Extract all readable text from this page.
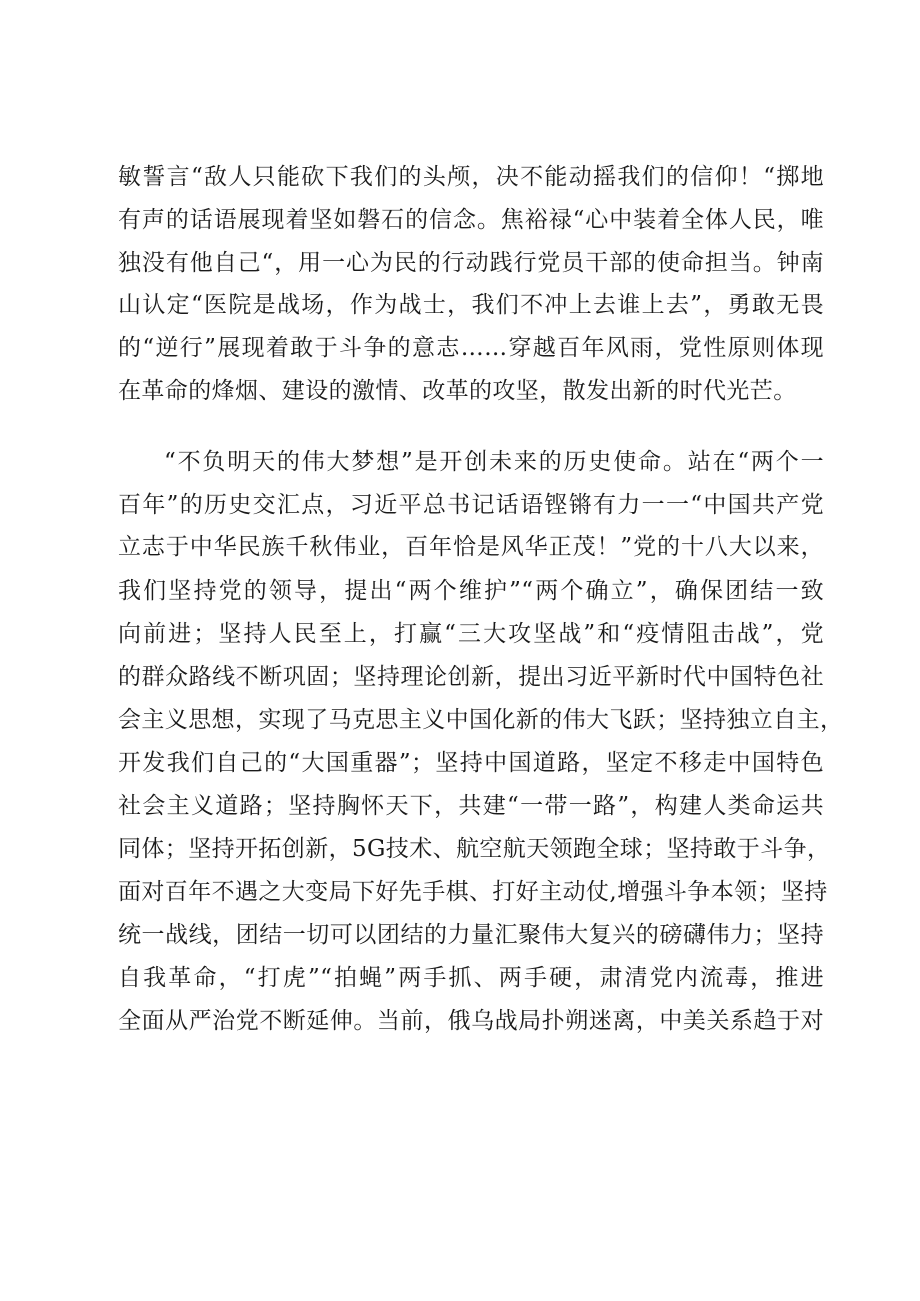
敏誓言“敌人只能砍下我们的头颅，决不能动摇我们的信仰！“掷地
有声的话语展现着坚如磐石的信念。焦裕禄“心中装着全体人民，唯
独没有他自己“，用一心为民的行动践行党员干部的使命担当。钟南
山认定“医院是战场，作为战士，我们不冲上去谁上去”，勇敢无畏
的“逆行”展现着敢于斗争的意志……穿越百年风雨，党性原则体现
在革命的烽烟、建设的激情、改革的攻坚，散发出新的时代光芒。
“不负明天的伟大梦想”是开创未来的历史使命。站在“两个一
百年”的历史交汇点，习近平总书记话语铿锵有力一一“中国共产党
立志于中华民族千秋伟业，百年恰是风华正茂！”党的十八大以来，
我们坚持党的领导，提出“两个维护”“两个确立”，确保团结一致
向前进；坚持人民至上，打赢“三大攻坚战”和“疫情阻击战”，党
的群众路线不断巩固；坚持理论创新，提出习近平新时代中国特色社
会主义思想，实现了马克思主义中国化新的伟大飞跃；坚持独立自主，
开发我们自己的“大国重器”；坚持中国道路，坚定不移走中国特色
社会主义道路；坚持胸怀天下，共建“一带一路”，构建人类命运共
同体；坚持开拓创新，5G技术、航空航天领跑全球；坚持敢于斗争，
面对百年不遇之大变局下好先手棋、打好主动仗,增强斗争本领；坚持
统一战线，团结一切可以团结的力量汇聚伟大复兴的磅礴伟力；坚持
自我革命，“打虎”“拍蝇”两手抓、两手硬，肃清党内流毒，推进
全面从严治党不断延伸。当前，俄乌战局扑朔迷离，中美关系趋于对
